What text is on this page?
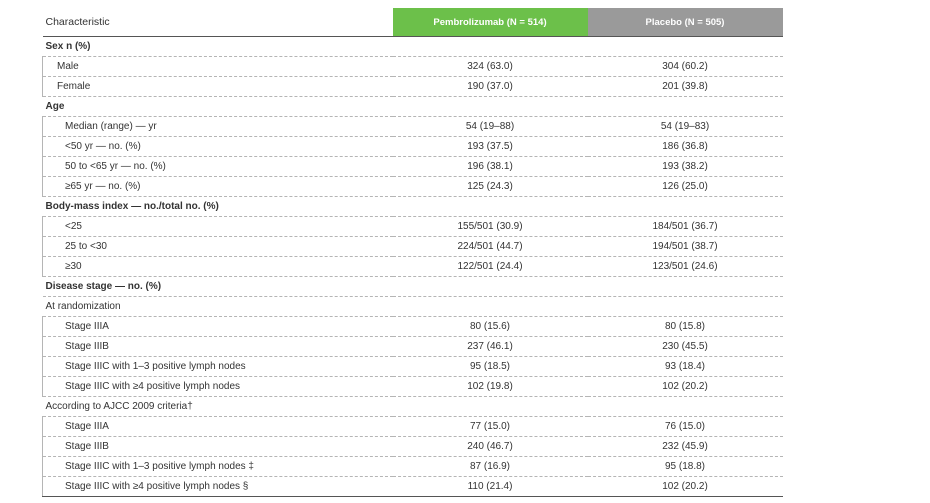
Characteristic	Pembrolizumab (N = 514)	Placebo (N = 505)
Sex n (%)		
Male	324 (63.0)	304 (60.2)
Female	190 (37.0)	201 (39.8)
Age		
Median (range) — yr	54 (19–88)	54 (19–83)
<50 yr — no. (%)	193 (37.5)	186 (36.8)
50 to <65 yr — no. (%)	196 (38.1)	193 (38.2)
≥65 yr — no. (%)	125 (24.3)	126 (25.0)
Body-mass index — no./total no. (%)		
<25	155/501 (30.9)	184/501 (36.7)
25 to <30	224/501 (44.7)	194/501 (38.7)
≥30	122/501 (24.4)	123/501 (24.6)
Disease stage — no. (%)		
At randomization		
Stage IIIA	80 (15.6)	80 (15.8)
Stage IIIB	237 (46.1)	230 (45.5)
Stage IIIC with 1–3 positive lymph nodes	95 (18.5)	93 (18.4)
Stage IIIC with ≥4 positive lymph nodes	102 (19.8)	102 (20.2)
According to AJCC 2009 criteria†		
Stage IIIA	77 (15.0)	76 (15.0)
Stage IIIB	240 (46.7)	232 (45.9)
Stage IIIC with 1–3 positive lymph nodes ‡	87 (16.9)	95 (18.8)
Stage IIIC with ≥4 positive lymph nodes §	110 (21.4)	102 (20.2)
